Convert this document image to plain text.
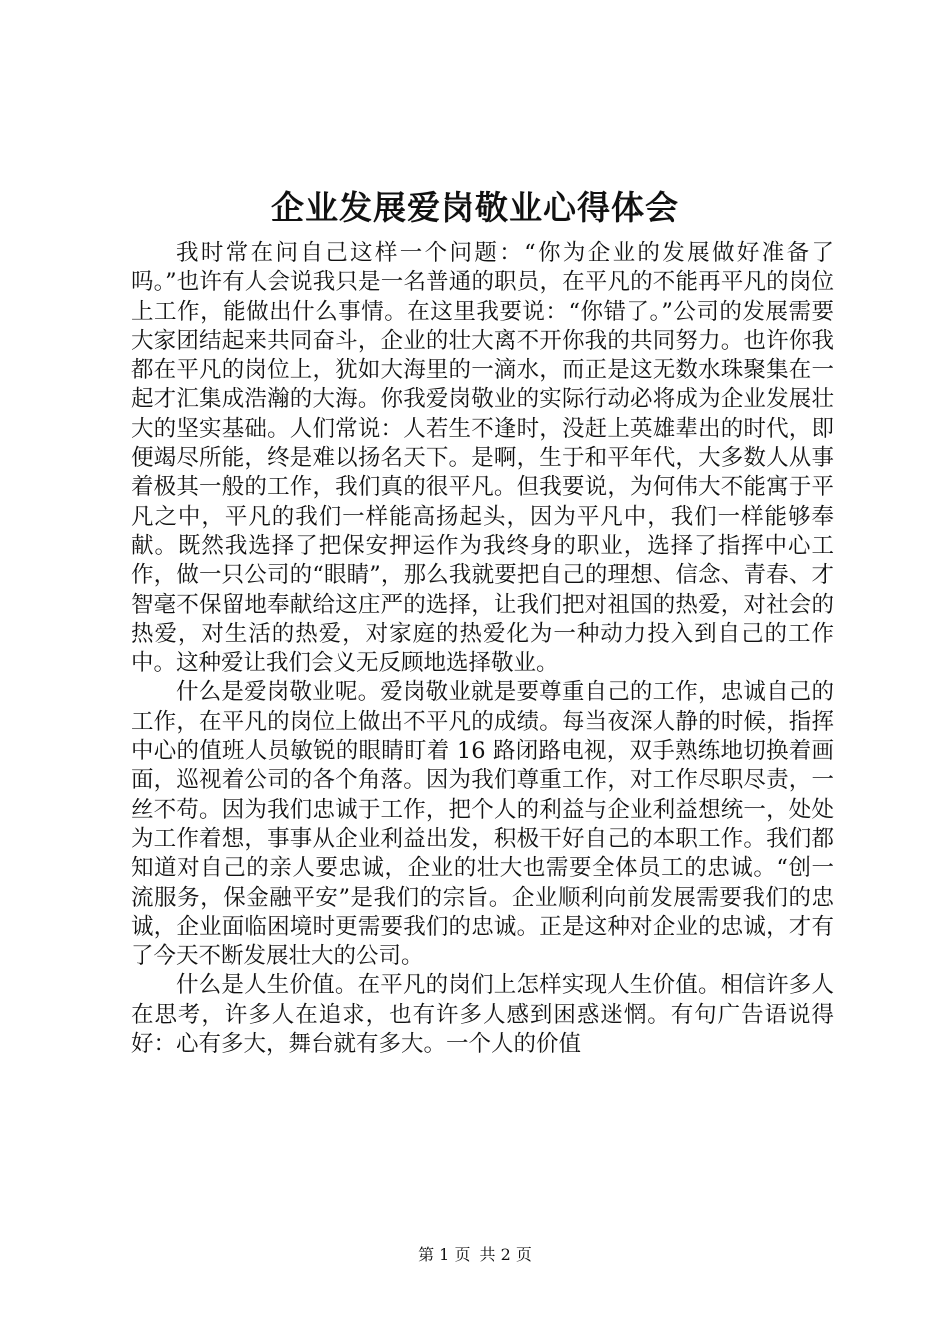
企业发展爱岗敬业心得体会

我时常在问自己这样一个问题：“你为企业的发展做好准备了吗。”也许有人会说我只是一名普通的职员，在平凡的不能再平凡的岗位上工作，能做出什么事情。在这里我要说：“你错了。”公司的发展需要大家团结起来共同奋斗，企业的壮大离不开你我的共同努力。也许你我都在平凡的岗位上，犹如大海里的一滴水，而正是这无数水珠聚集在一起才汇集成浩瀚的大海。你我爱岗敬业的实际行动必将成为企业发展壮大的坚实基础。人们常说：人若生不逢时，没赶上英雄辈出的时代，即便竭尽所能，终是难以扬名天下。是啊，生于和平年代，大多数人从事着极其一般的工作，我们真的很平凡。但我要说，为何伟大不能寓于平凡之中，平凡的我们一样能高扬起头，因为平凡中，我们一样能够奉献。既然我选择了把保安押运作为我终身的职业，选择了指挥中心工作，做一只公司的“眼睛”，那么我就要把自己的理想、信念、青春、才智毫不保留地奉献给这庄严的选择，让我们把对祖国的热爱，对社会的热爱，对生活的热爱，对家庭的热爱化为一种动力投入到自己的工作中。这种爱让我们会义无反顾地选择敬业。

什么是爱岗敬业呢。爱岗敬业就是要尊重自己的工作，忠诚自己的工作，在平凡的岗位上做出不平凡的成绩。每当夜深人静的时候，指挥中心的值班人员敏锐的眼睛盯着 16 路闭路电视，双手熟练地切换着画面，巡视着公司的各个角落。因为我们尊重工作，对工作尽职尽责，一丝不苟。因为我们忠诚于工作，把个人的利益与企业利益想统一，处处为工作着想，事事从企业利益出发，积极干好自己的本职工作。我们都知道对自己的亲人要忠诚，企业的壮大也需要全体员工的忠诚。“创一流服务，保金融平安”是我们的宗旨。企业顺利向前发展需要我们的忠诚，企业面临困境时更需要我们的忠诚。正是这种对企业的忠诚，才有了今天不断发展壮大的公司。

什么是人生价值。在平凡的岗们上怎样实现人生价值。相信许多人在思考，许多人在追求，也有许多人感到困惑迷惘。有句广告语说得好：心有多大，舞台就有多大。一个人的价值

第 1 页 共 2 页
